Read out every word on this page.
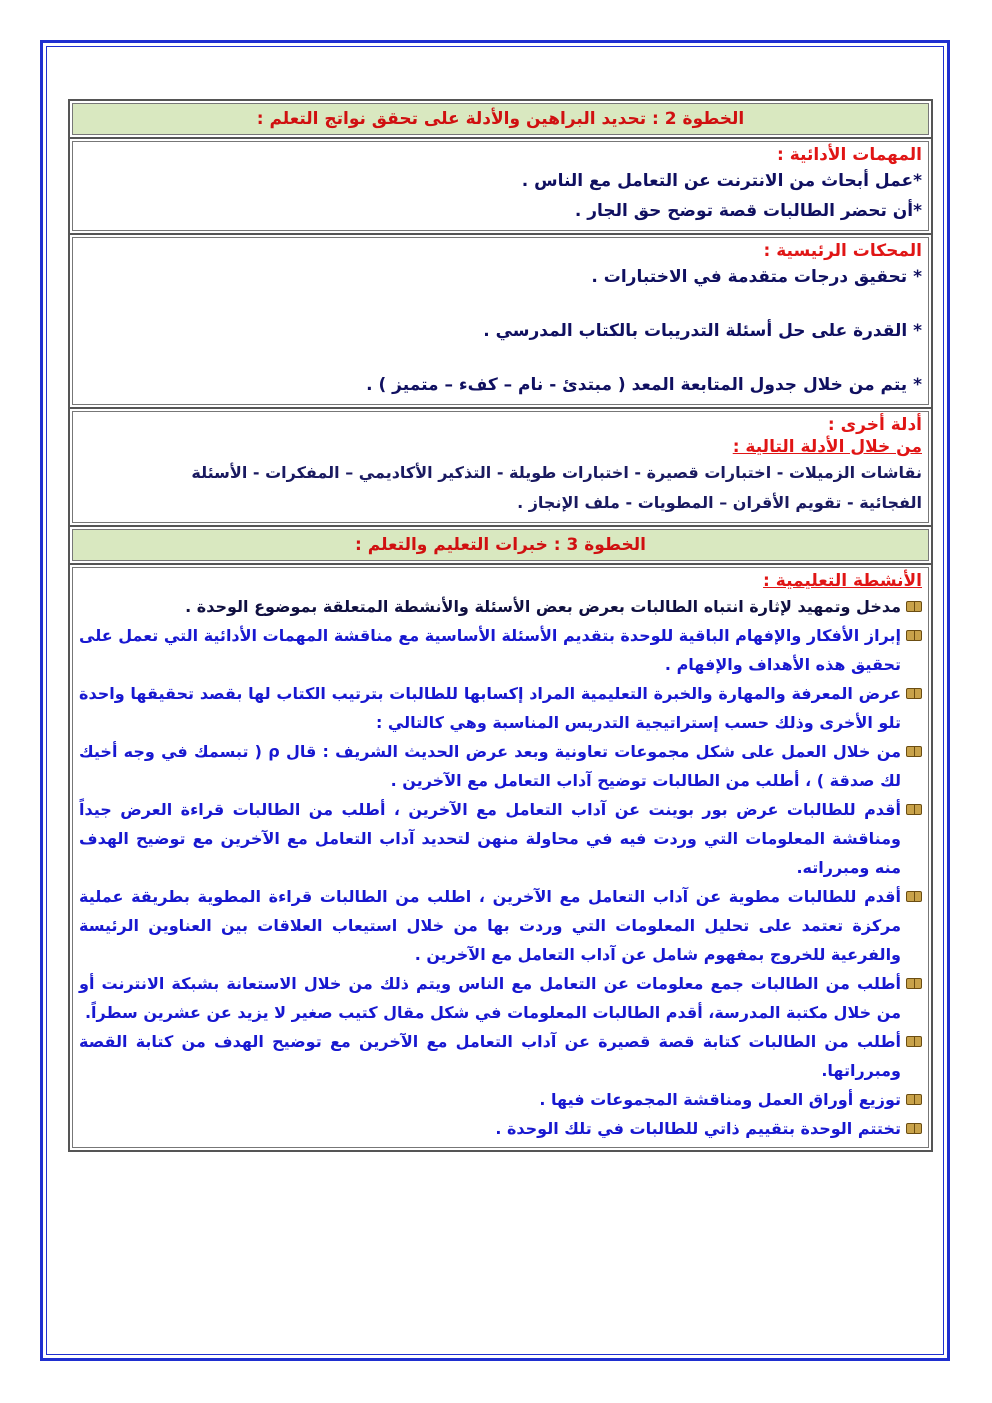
الخطوة 2 : تحديد البراهين والأدلة على تحقق نواتج التعلم :
المهمات الأدائية :
*عمل أبحاث من الانترنت عن التعامل مع الناس .
*أن تحضر الطالبات قصة توضح حق الجار .
المحكات الرئيسية :
* تحقيق درجات متقدمة في الاختبارات .
* القدرة على حل أسئلة التدريبات بالكتاب المدرسي .
* يتم من خلال جدول المتابعة المعد ( مبتدئ - نام – كفء – متميز ) .
أدلة أخرى :
من خلال الأدلة التالية :
نقاشات الزميلات - اختبارات قصيرة - اختبارات طويلة - التذكير الأكاديمي – المفكرات - الأسئلة
الفجائية - تقويم الأقران – المطويات - ملف الإنجاز .
الخطوة 3 : خبرات التعليم والتعلم :
الأنشطة التعليمية :
مدخل وتمهيد لإثارة انتباه الطالبات بعرض بعض الأسئلة والأنشطة المتعلقة بموضوع الوحدة .
إبراز الأفكار والإفهام الباقية للوحدة بتقديم الأسئلة الأساسية مع مناقشة المهمات الأدائية التي تعمل على تحقيق هذه الأهداف والإفهام .
عرض المعرفة والمهارة والخبرة التعليمية المراد إكسابها للطالبات بترتيب الكتاب لها بقصد تحقيقها واحدة تلو الأخرى وذلك حسب إستراتيجية التدريس المناسبة وهي كالتالي :
من خلال العمل على شكل مجموعات تعاونية وبعد عرض الحديث الشريف : قال ρ ( تبسمك في وجه أخيك لك صدقة ) ، أطلب من الطالبات توضيح آداب التعامل مع الآخرين .
أقدم للطالبات عرض بور بوينت عن آداب التعامل مع الآخرين ، أطلب من الطالبات قراءة العرض جيداً ومناقشة المعلومات التي وردت فيه في محاولة منهن لتحديد آداب التعامل مع الآخرين مع توضيح الهدف منه ومبرراته.
أقدم للطالبات مطوية عن آداب التعامل مع الآخرين ، اطلب من الطالبات قراءة المطوية بطريقة عملية مركزة تعتمد على تحليل المعلومات التي وردت بها من خلال استيعاب العلاقات بين العناوين الرئيسة والفرعية للخروج بمفهوم شامل عن آداب التعامل مع الآخرين .
أطلب من الطالبات جمع معلومات عن التعامل مع الناس ويتم ذلك من خلال الاستعانة بشبكة الانترنت أو من خلال مكتبة المدرسة، أقدم الطالبات المعلومات في شكل مقال كتيب صغير لا يزيد عن عشرين سطراً.
أطلب من الطالبات كتابة قصة قصيرة عن آداب التعامل مع الآخرين مع توضيح الهدف من كتابة القصة ومبرراتها.
توزيع أوراق العمل ومناقشة المجموعات فيها .
تختتم الوحدة بتقييم ذاتي للطالبات في تلك الوحدة .
